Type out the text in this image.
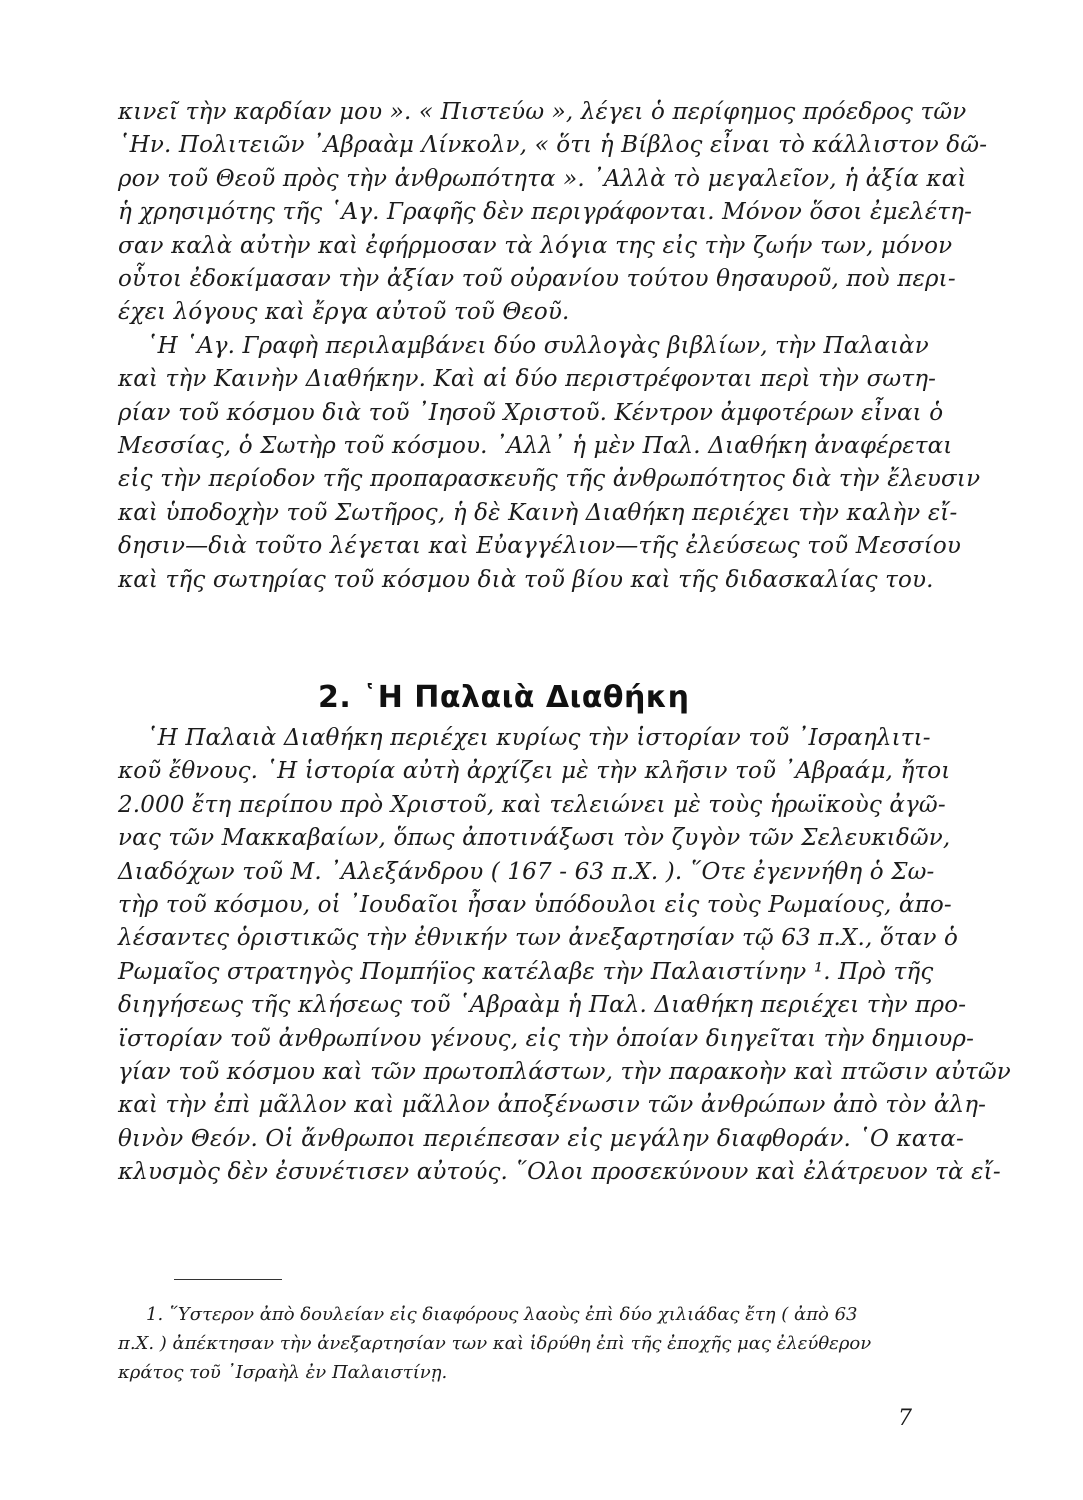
κινεῖ τὴν καρδίαν μου ». « Πιστεύω », λέγει ὁ περίφημος πρόεδρος τῶν
῾Ην. Πολιτειῶν ᾿Αβραὰμ Λίνκολν, « ὅτι ἡ Βίβλος εἶναι τὸ κάλλιστον δῶ-
ρον τοῦ Θεοῦ πρὸς τὴν ἀνθρωπότητα ». ᾿Αλλὰ τὸ μεγαλεῖον, ἡ ἀξία καὶ
ἡ χρησιμότης τῆς ῾Αγ. Γραφῆς δὲν περιγράφονται. Μόνον ὅσοι ἐμελέτη-
σαν καλὰ αὐτὴν καὶ ἐφήρμοσαν τὰ λόγια της εἰς τὴν ζωήν των, μόνον
οὗτοι ἐδοκίμασαν τὴν ἀξίαν τοῦ οὐρανίου τούτου θησαυροῦ, ποὺ περι-
έχει λόγους καὶ ἔργα αὐτοῦ τοῦ Θεοῦ.
῾Η ῾Αγ. Γραφὴ περιλαμβάνει δύο συλλογὰς βιβλίων, τὴν Παλαιὰν
καὶ τὴν Καινὴν Διαθήκην. Καὶ αἱ δύο περιστρέφονται περὶ τὴν σωτη-
ρίαν τοῦ κόσμου διὰ τοῦ ᾿Ιησοῦ Χριστοῦ. Κέντρον ἀμφοτέρων εἶναι ὁ
Μεσσίας, ὁ Σωτὴρ τοῦ κόσμου. ᾿Αλλ᾿ ἡ μὲν Παλ. Διαθήκη ἀναφέρεται
εἰς τὴν περίοδον τῆς προπαρασκευῆς τῆς ἀνθρωπότητος διὰ τὴν ἔλευσιν
καὶ ὑποδοχὴν τοῦ Σωτῆρος, ἡ δὲ Καινὴ Διαθήκη περιέχει τὴν καλὴν εἴ-
δησιν—διὰ τοῦτο λέγεται καὶ Εὐαγγέλιον—τῆς ἐλεύσεως τοῦ Μεσσίου
καὶ τῆς σωτηρίας τοῦ κόσμου διὰ τοῦ βίου καὶ τῆς διδασκαλίας του.
2. ῾Η Παλαιὰ Διαθήκη
῾Η Παλαιὰ Διαθήκη περιέχει κυρίως τὴν ἱστορίαν τοῦ ᾿Ισραηλιτι-
κοῦ ἔθνους. ῾Η ἱστορία αὐτὴ ἀρχίζει μὲ τὴν κλῆσιν τοῦ ᾿Αβραάμ, ἤτοι
2.000 ἔτη περίπου πρὸ Χριστοῦ, καὶ τελειώνει μὲ τοὺς ἡρωϊκοὺς ἀγῶ-
νας τῶν Μακκαβαίων, ὅπως ἀποτινάξωσι τὸν ζυγὸν τῶν Σελευκιδῶν,
Διαδόχων τοῦ Μ. ᾿Αλεξάνδρου ( 167 - 63 π.Χ. ). ῞Οτε ἐγεννήθη ὁ Σω-
τὴρ τοῦ κόσμου, οἱ ᾿Ιουδαῖοι ἦσαν ὑπόδουλοι εἰς τοὺς Ρωμαίους, ἀπο-
λέσαντες ὁριστικῶς τὴν ἐθνικήν των ἀνεξαρτησίαν τῷ 63 π.Χ., ὅταν ὁ
Ρωμαῖος στρατηγὸς Πομπήϊος κατέλαβε τὴν Παλαιστίνην ¹. Πρὸ τῆς
διηγήσεως τῆς κλήσεως τοῦ ῾Αβραὰμ ἡ Παλ. Διαθήκη περιέχει τὴν προ-
ϊστορίαν τοῦ ἀνθρωπίνου γένους, εἰς τὴν ὁποίαν διηγεῖται τὴν δημιουρ-
γίαν τοῦ κόσμου καὶ τῶν πρωτοπλάστων, τὴν παρακοὴν καὶ πτῶσιν αὐτῶν
καὶ τὴν ἐπὶ μᾶλλον καὶ μᾶλλον ἀποξένωσιν τῶν ἀνθρώπων ἀπὸ τὸν ἀλη-
θινὸν Θεόν. Οἱ ἄνθρωποι περιέπεσαν εἰς μεγάλην διαφθοράν. ῾Ο κατα-
κλυσμὸς δὲν ἐσυνέτισεν αὐτούς. ῞Ολοι προσεκύνουν καὶ ἐλάτρευον τὰ εἴ-
1. ῞Υστερον ἀπὸ δουλείαν εἰς διαφόρους λαοὺς ἐπὶ δύο χιλιάδας ἔτη ( ἀπὸ 63
π.Χ. ) ἀπέκτησαν τὴν ἀνεξαρτησίαν των καὶ ἱδρύθη ἐπὶ τῆς ἐποχῆς μας ἐλεύθερον
κράτος τοῦ ᾿Ισραὴλ ἐν Παλαιστίνῃ.
7
